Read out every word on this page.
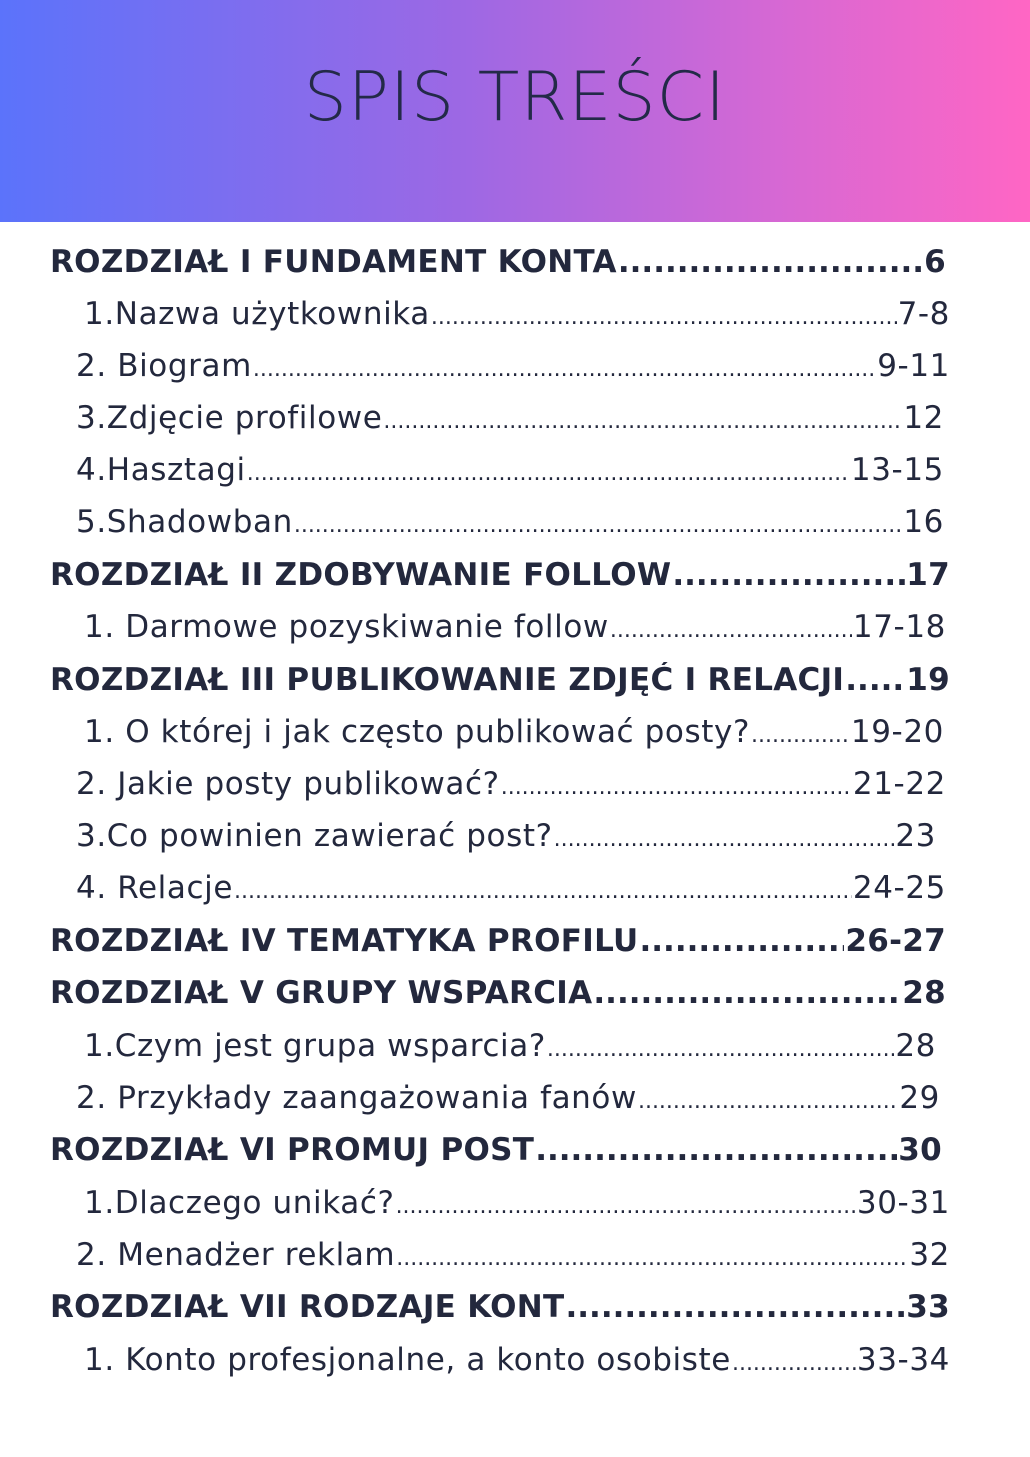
SPIS TREŚCI
ROZDZIAŁ I FUNDAMENT KONTA .....	6
1.Nazwa użytkownika .....	7-8
2. Biogram .....	9-11
3.Zdjęcie profilowe .....	12
4.Hasztagi .....	13-15
5.Shadowban .....	16
ROZDZIAŁ II ZDOBYWANIE FOLLOW .....	17
1. Darmowe pozyskiwanie follow .....	17-18
ROZDZIAŁ III PUBLIKOWANIE ZDJĘĆ I RELACJI ..... 19
1. O której i jak często publikować posty? .....	19-20
2. Jakie posty publikować? .....	21-22
3.Co powinien zawierać post? .....	23
4. Relacje .....	24-25
ROZDZIAŁ IV TEMATYKA PROFILU .....	26-27
ROZDZIAŁ V GRUPY WSPARCIA .....	28
1.Czym jest grupa wsparcia? .....	28
2. Przykłady zaangażowania fanów .....	29
ROZDZIAŁ VI PROMUJ POST .....	30
1.Dlaczego unikać? .....	30-31
2. Menadżer reklam .....	32
ROZDZIAŁ VII RODZAJE KONT .....	33
1. Konto profesjonalne, a konto osobiste .....	33-34
